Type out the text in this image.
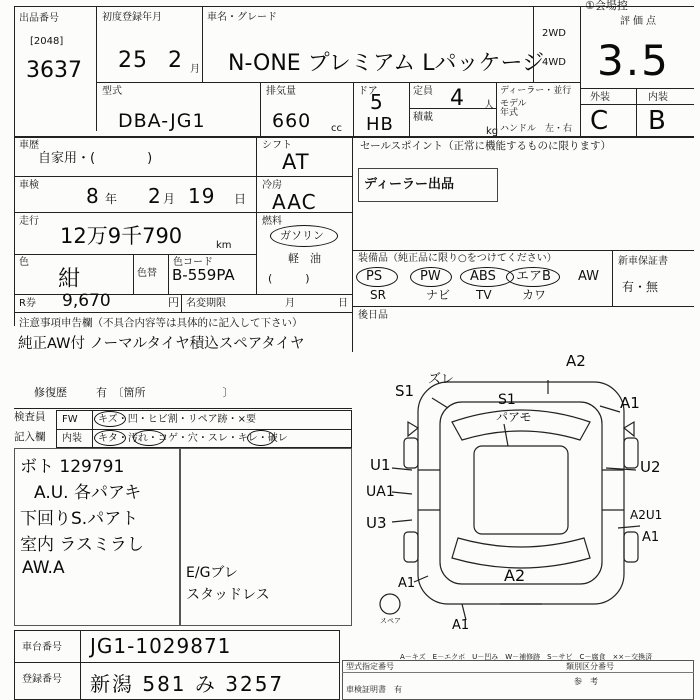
出品番号
[2048]
3637
初度登録年月
25 2 月
車名・グレード
N-ONE プレミアム Lパッケージ
2WD
4WD
①会場控
評価点
3.5
型式
DBA-JG1
排気量
660 cc
ドア
5
HB
定員 4 人
積載
kg
ディーラー・並行
モデル
年式
ハンドル　左・右
外装	内装
C B
車歴
自家用・(　　　　)
シフト
AT
セールスポイント（正常に機能するものに限ります）
ディーラー出品
車検 8 年 2 月 19 日
冷房
AAC
走行
12万9千790	km
燃料
ガソリン
軽　油
(　　　)
色
紺	色替
色コード
B-559PA
装備品（純正品に限り○をつけてください）	新車保証書
有・無
PS	PW ABS エアB AW
SR	ナビ TV	カワ
R券 9,670	円 名変期限	月	日
後日品
注意事項申告欄（不具合内容等は具体的に記入して下さい）
純正AW付 ノーマルタイヤ積込スペアタイヤ
修復歴	有　〔箇所　　　　　　　〕
検査員
記入欄
FW キズ・凹・ヒビ割・リペア跡・×要
内装 キタ・汚れ・コゲ・穴・スレ・キレ・破レ
ボト 129791
A.U. 各パアキ
下回りS.パアト
室内 ラスミラし
AW.A	E/Gブレ
スタッドレス
A2
S1
ズレ
S1
パアモ
A1
U1
UA1
U3
U2
A2U1
A1
A1	A2
A1
スペア
車台番号 JG1-1029871
登録番号 新潟 581 み 3257
A－キズ　E－エクボ　U－凹み　W－補修跡　S－サビ　C－腐食　××－交換済
型式指定番号	類別区分番号
車検証明書 有
参　考
